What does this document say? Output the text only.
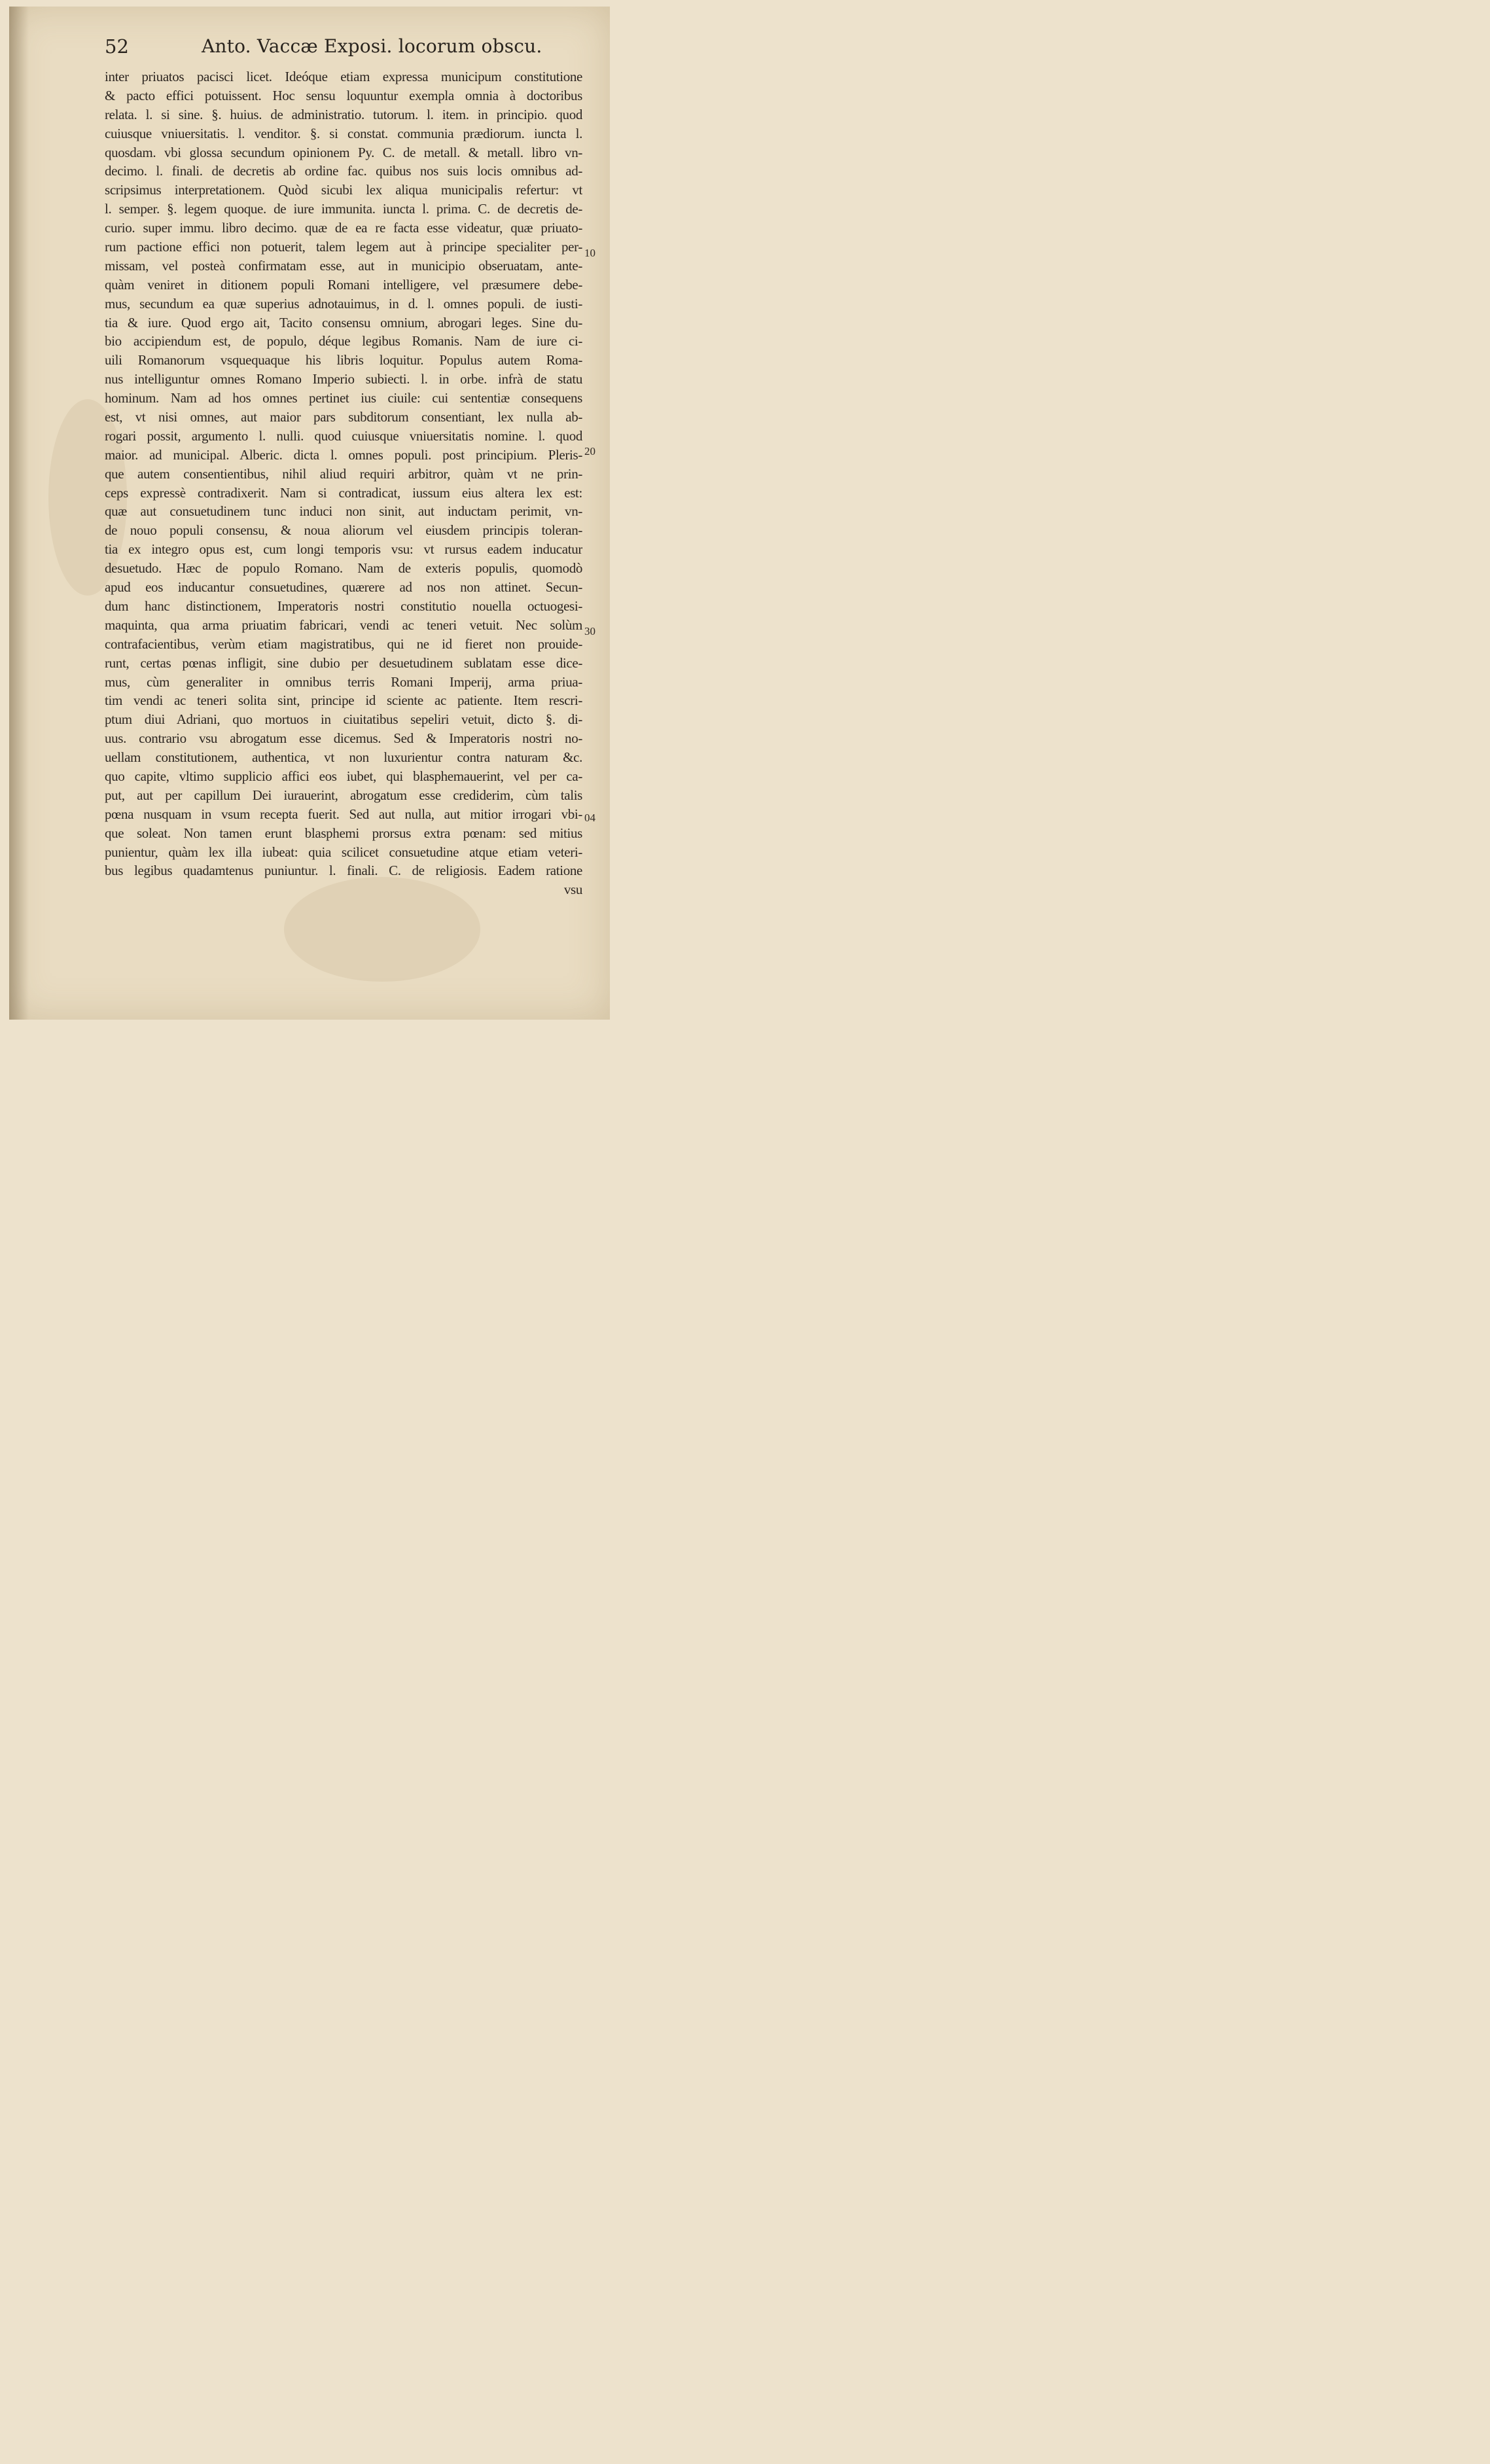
52	Anto. Vaccæ Exposi. locorum obscu.
inter priuatos pacisci licet. Ideóque etiam expressa municipum constitutione
& pacto effici potuissent. Hoc sensu loquuntur exempla omnia à doctoribus
relata. l. si sine. §. huius. de administratio. tutorum. l. item. in principio. quod
cuiusque vniuersitatis. l. venditor. §. si constat. communia prædiorum. iuncta l.
quosdam. vbi glossa secundum opinionem Py. C. de metall. & metall. libro vn-
decimo. l. finali. de decretis ab ordine fac. quibus nos suis locis omnibus ad-
scripsimus interpretationem. Quòd sicubi lex aliqua municipalis refertur: vt
l. semper. §. legem quoque. de iure immunita. iuncta l. prima. C. de decretis de-
curio. super immu. libro decimo. quæ de ea re facta esse videatur, quæ priuato-
rum pactione effici non potuerit, talem legem aut à principe specialiter per-
missam, vel posteà confirmatam esse, aut in municipio obseruatam, ante-
quàm veniret in ditionem populi Romani intelligere, vel præsumere debe-
mus, secundum ea quæ superius adnotauimus, in d. l. omnes populi. de iusti-
tia & iure. Quod ergo ait, Tacito consensu omnium, abrogari leges. Sine du-
bio accipiendum est, de populo, déque legibus Romanis. Nam de iure ci-
uili Romanorum vsquequaque his libris loquitur. Populus autem Roma-
nus intelliguntur omnes Romano Imperio subiecti. l. in orbe. infrà de statu
hominum. Nam ad hos omnes pertinet ius ciuile: cui sententiæ consequens
est, vt nisi omnes, aut maior pars subditorum consentiant, lex nulla ab-
rogari possit, argumento l. nulli. quod cuiusque vniuersitatis nomine. l. quod
maior. ad municipal. Alberic. dicta l. omnes populi. post principium. Pleris-
que autem consentientibus, nihil aliud requiri arbitror, quàm vt ne prin-
ceps expressè contradixerit. Nam si contradicat, iussum eius altera lex est:
quæ aut consuetudinem tunc induci non sinit, aut inductam perimit, vn-
de nouo populi consensu, & noua aliorum vel eiusdem principis toleran-
tia ex integro opus est, cum longi temporis vsu: vt rursus eadem inducatur
desuetudo. Hæc de populo Romano. Nam de exteris populis, quomodò
apud eos inducantur consuetudines, quærere ad nos non attinet. Secun-
dum hanc distinctionem, Imperatoris nostri constitutio nouella octuogesi-
maquinta, qua arma priuatim fabricari, vendi ac teneri vetuit. Nec solùm
contrafacientibus, verùm etiam magistratibus, qui ne id fieret non prouide-
runt, certas pœnas infligit, sine dubio per desuetudinem sublatam esse dice-
mus, cùm generaliter in omnibus terris Romani Imperij, arma priua-
tim vendi ac teneri solita sint, principe id sciente ac patiente. Item rescri-
ptum diui Adriani, quo mortuos in ciuitatibus sepeliri vetuit, dicto §. di-
uus. contrario vsu abrogatum esse dicemus. Sed & Imperatoris nostri no-
uellam constitutionem, authentica, vt non luxurientur contra naturam &c.
quo capite, vltimo supplicio affici eos iubet, qui blasphemauerint, vel per ca-
put, aut per capillum Dei iurauerint, abrogatum esse crediderim, cùm talis
pœna nusquam in vsum recepta fuerit. Sed aut nulla, aut mitior irrogari vbi-
que soleat. Non tamen erunt blasphemi prorsus extra pœnam: sed mitius
punientur, quàm lex illa iubeat: quia scilicet consuetudine atque etiam veteri-
bus legibus quadamtenus puniuntur. l. finali. C. de religiosis. Eadem ratione
vsu
10
20
30
04
